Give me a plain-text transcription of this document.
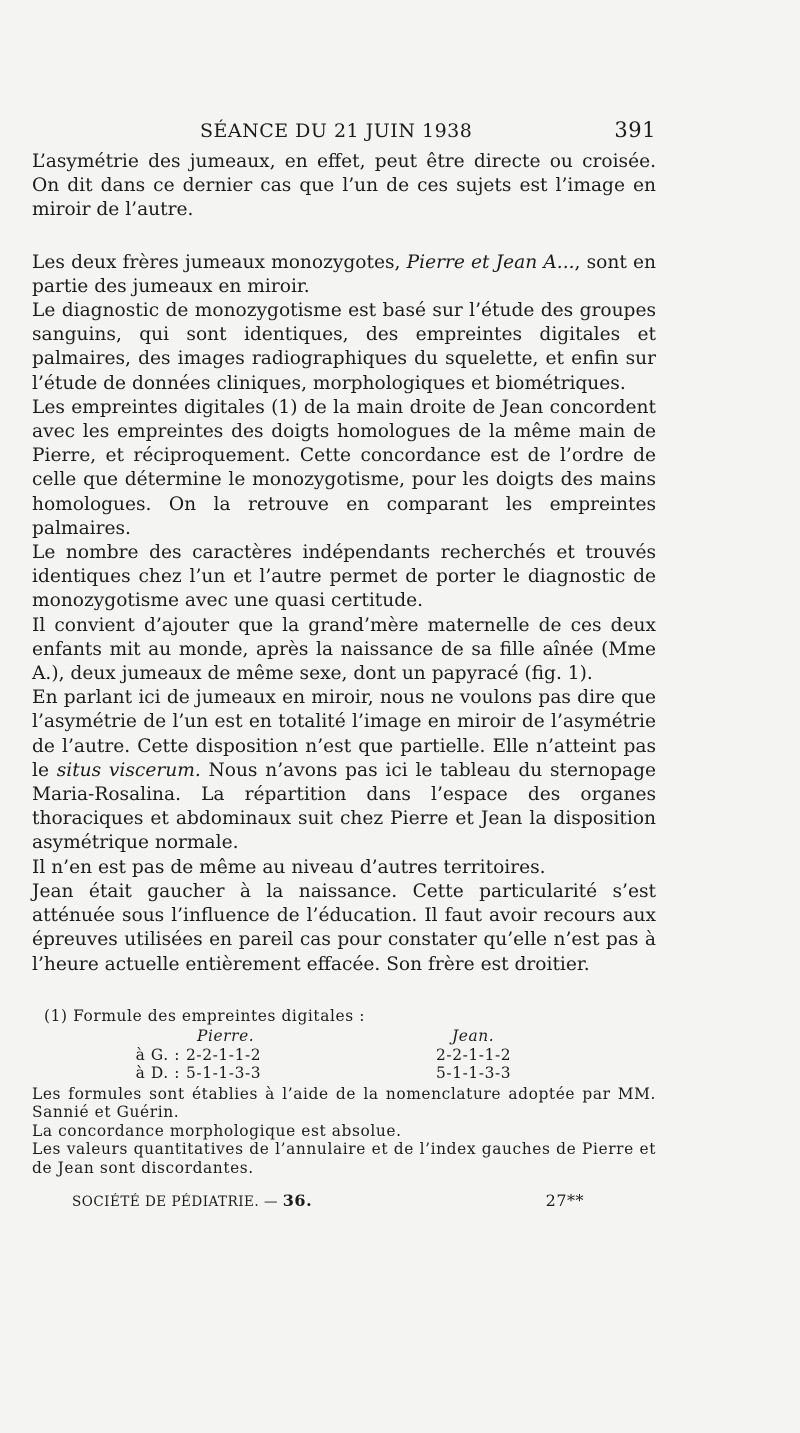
SÉANCE DU 21 JUIN 1938	391

L’asymétrie des jumeaux, en effet, peut être directe ou croisée. On dit dans ce dernier cas que l’un de ces sujets est l’image en miroir de l’autre.

Les deux frères jumeaux monozygotes, Pierre et Jean A..., sont en partie des jumeaux en miroir.

Le diagnostic de monozygotisme est basé sur l’étude des groupes sanguins, qui sont identiques, des empreintes digitales et palmaires, des images radiographiques du squelette, et enfin sur l’étude de données cliniques, morphologiques et biométriques.

Les empreintes digitales (1) de la main droite de Jean concordent avec les empreintes des doigts homologues de la même main de Pierre, et réciproquement. Cette concordance est de l’ordre de celle que détermine le monozygotisme, pour les doigts des mains homologues. On la retrouve en comparant les empreintes palmaires.

Le nombre des caractères indépendants recherchés et trouvés identiques chez l’un et l’autre permet de porter le diagnostic de monozygotisme avec une quasi certitude.

Il convient d’ajouter que la grand’mère maternelle de ces deux enfants mit au monde, après la naissance de sa fille aînée (Mme A.), deux jumeaux de même sexe, dont un papyracé (fig. 1).

En parlant ici de jumeaux en miroir, nous ne voulons pas dire que l’asymétrie de l’un est en totalité l’image en miroir de l’asymétrie de l’autre. Cette disposition n’est que partielle. Elle n’atteint pas le situs viscerum. Nous n’avons pas ici le tableau du sternopage Maria-Rosalina. La répartition dans l’espace des organes thoraciques et abdominaux suit chez Pierre et Jean la disposition asymétrique normale.

Il n’en est pas de même au niveau d’autres territoires.

Jean était gaucher à la naissance. Cette particularité s’est atténuée sous l’influence de l’éducation. Il faut avoir recours aux épreuves utilisées en pareil cas pour constater qu’elle n’est pas à l’heure actuelle entièrement effacée. Son frère est droitier.

(1) Formule des empreintes digitales :
Pierre.	Jean.
à G. : 2-2-1-1-2	2-2-1-1-2
à D. : 5-1-1-3-3	5-1-1-3-3

Les formules sont établies à l’aide de la nomenclature adoptée par MM. Sannié et Guérin.

La concordance morphologique est absolue.

Les valeurs quantitatives de l’annulaire et de l’index gauches de Pierre et de Jean sont discordantes.

SOCIÉTÉ DE PÉDIATRIE. — 36.	27**
